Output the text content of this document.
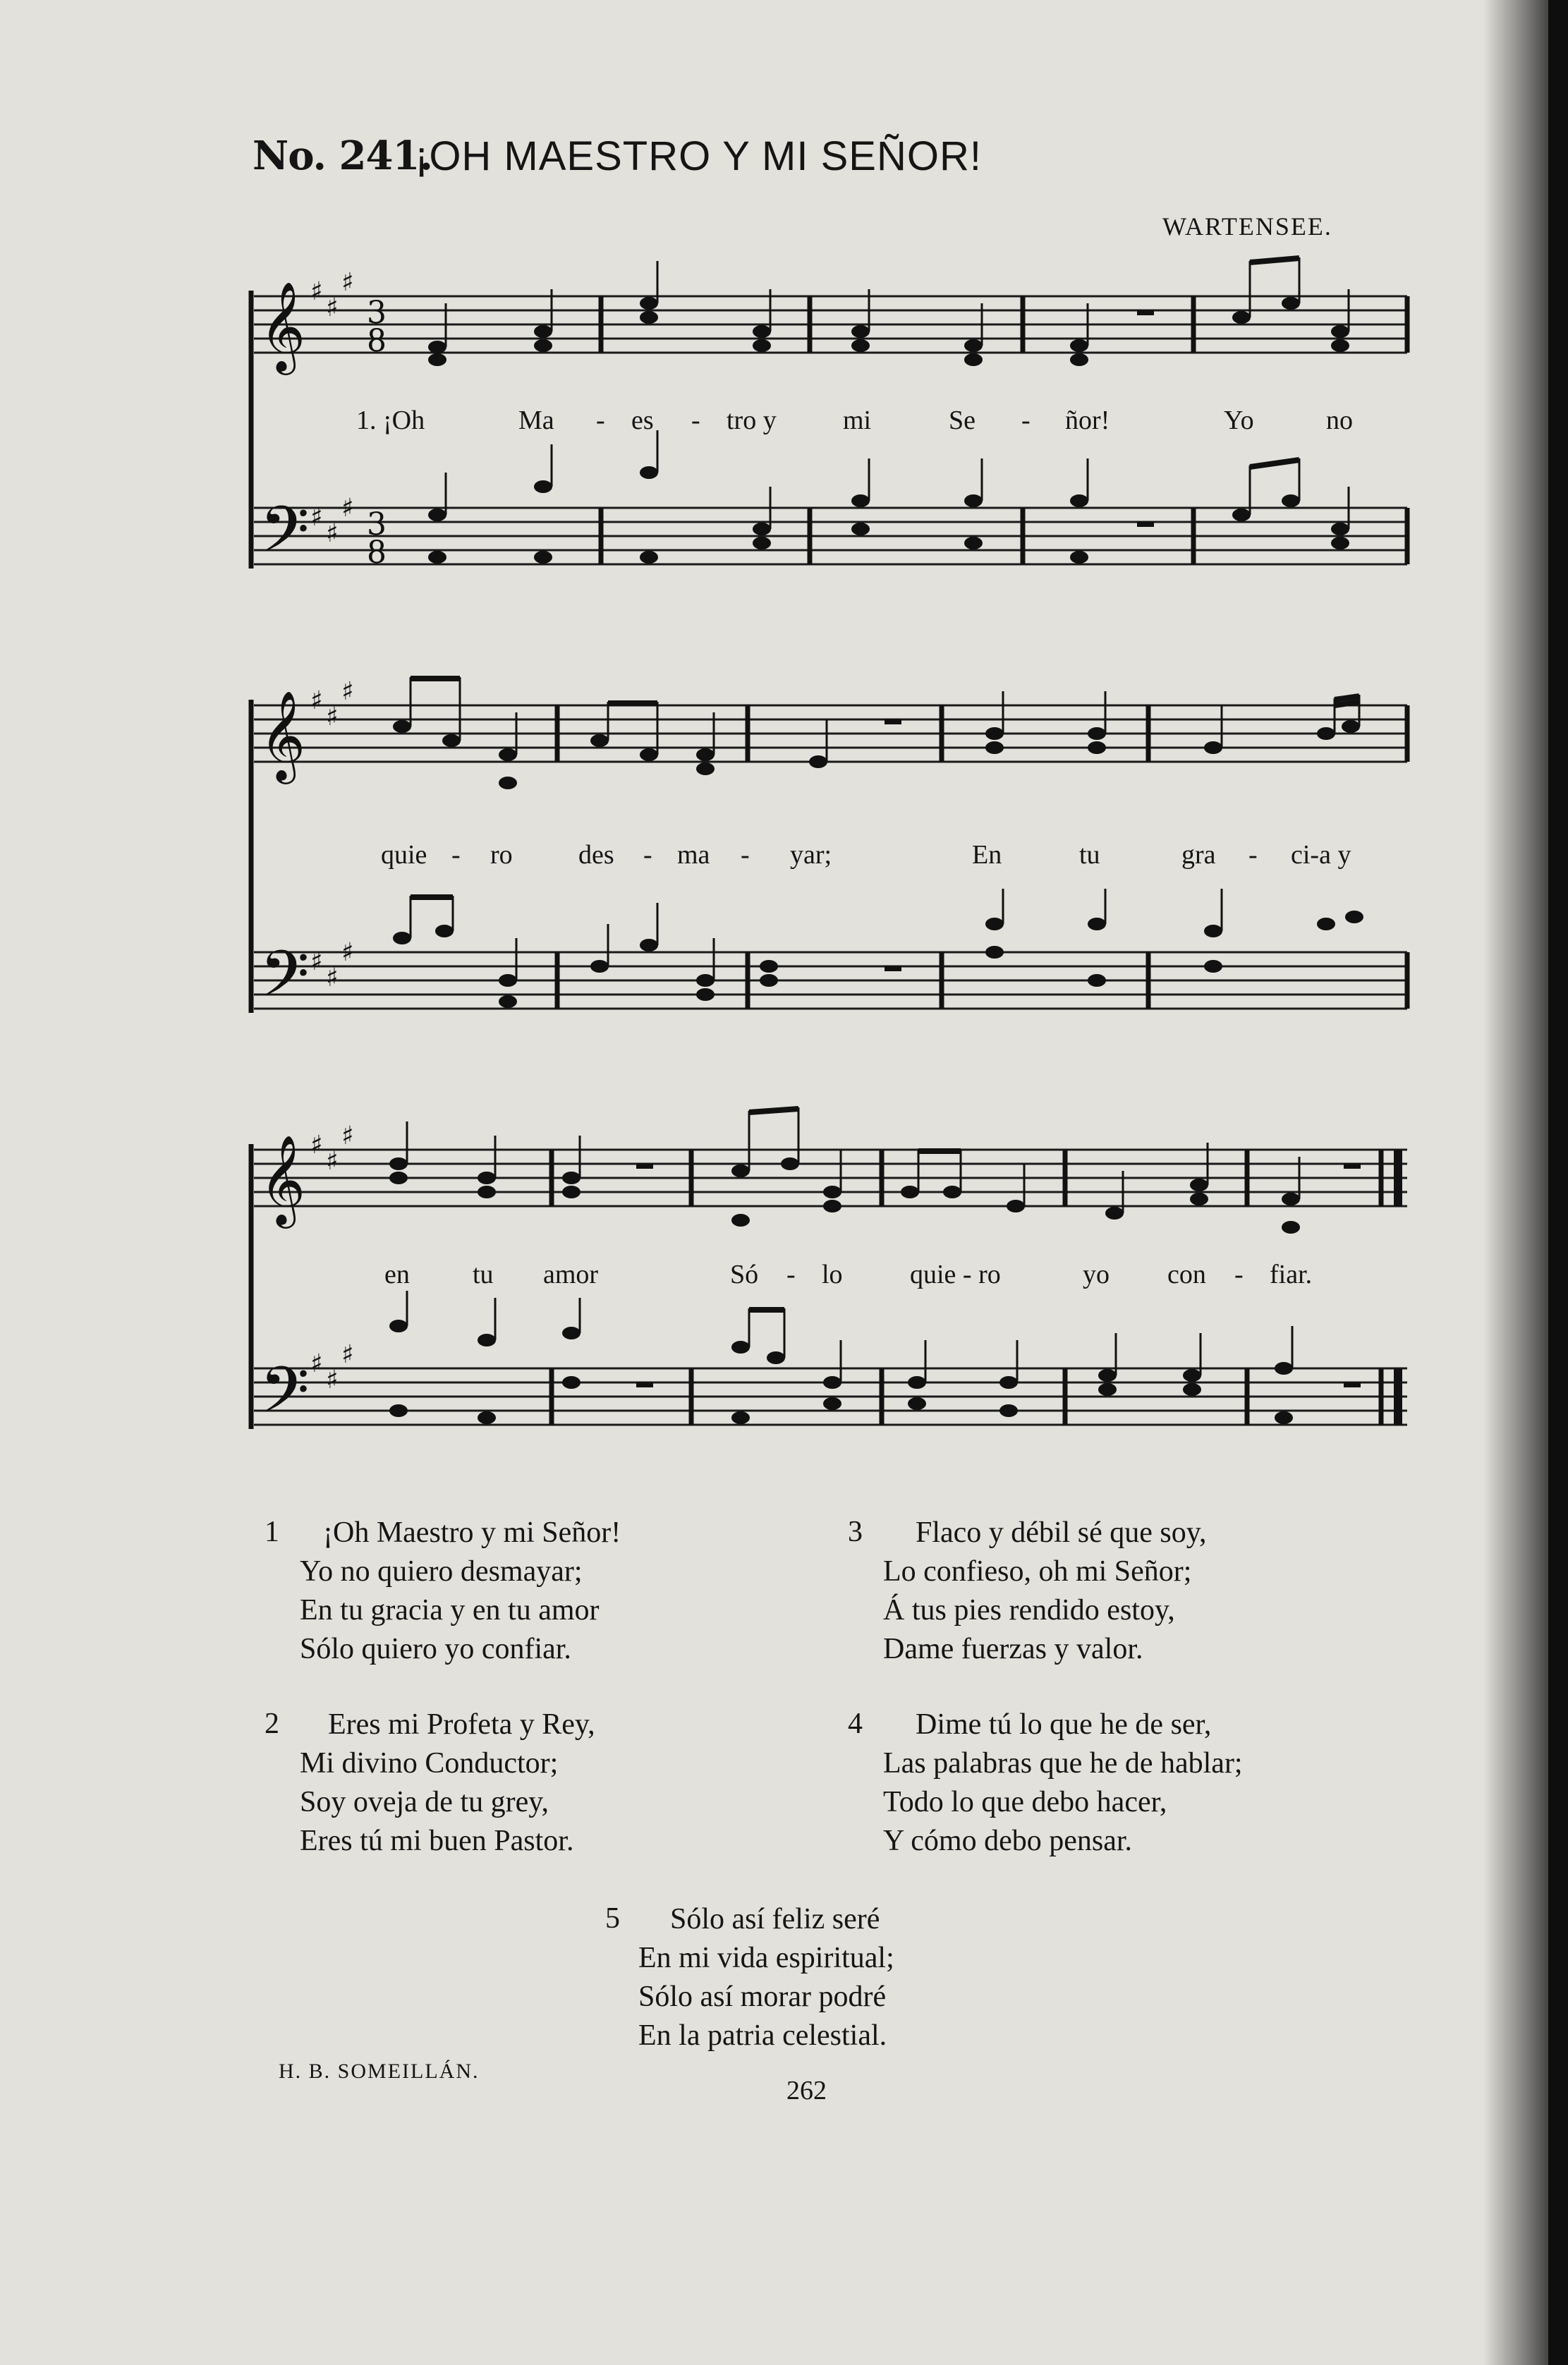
No. 241.
¡OH MAESTRO Y MI SEÑOR!
WARTENSEE.
𝄞
𝄢
♯
♯
♯
♯
♯
♯
3
8
3
8
1. ¡Oh	Ma - es - tro y mi	Se - ñor!	Yo	no
𝄞
𝄢
♯
♯
♯
♯
♯
♯
quie - ro des - ma - yar;	En	tu	gra - ci-a y
𝄞
𝄢
♯
♯
♯
♯
♯
♯
en tu amor	Só - lo	quie - ro	yo con - fiar.
1 ¡Oh Maestro y mi Señor!
Yo no quiero desmayar;
En tu gracia y en tu amor
Sólo quiero yo confiar.
2 Eres mi Profeta y Rey,
Mi divino Conductor;
Soy oveja de tu grey,
Eres tú mi buen Pastor.
3 Flaco y débil sé que soy,
Lo confieso, oh mi Señor;
Á tus pies rendido estoy,
Dame fuerzas y valor.
4 Dime tú lo que he de ser,
Las palabras que he de hablar;
Todo lo que debo hacer,
Y cómo debo pensar.
5 Sólo así feliz seré
En mi vida espiritual;
Sólo así morar podré
En la patria celestial.
H. B. SOMEILLÁN.
262
